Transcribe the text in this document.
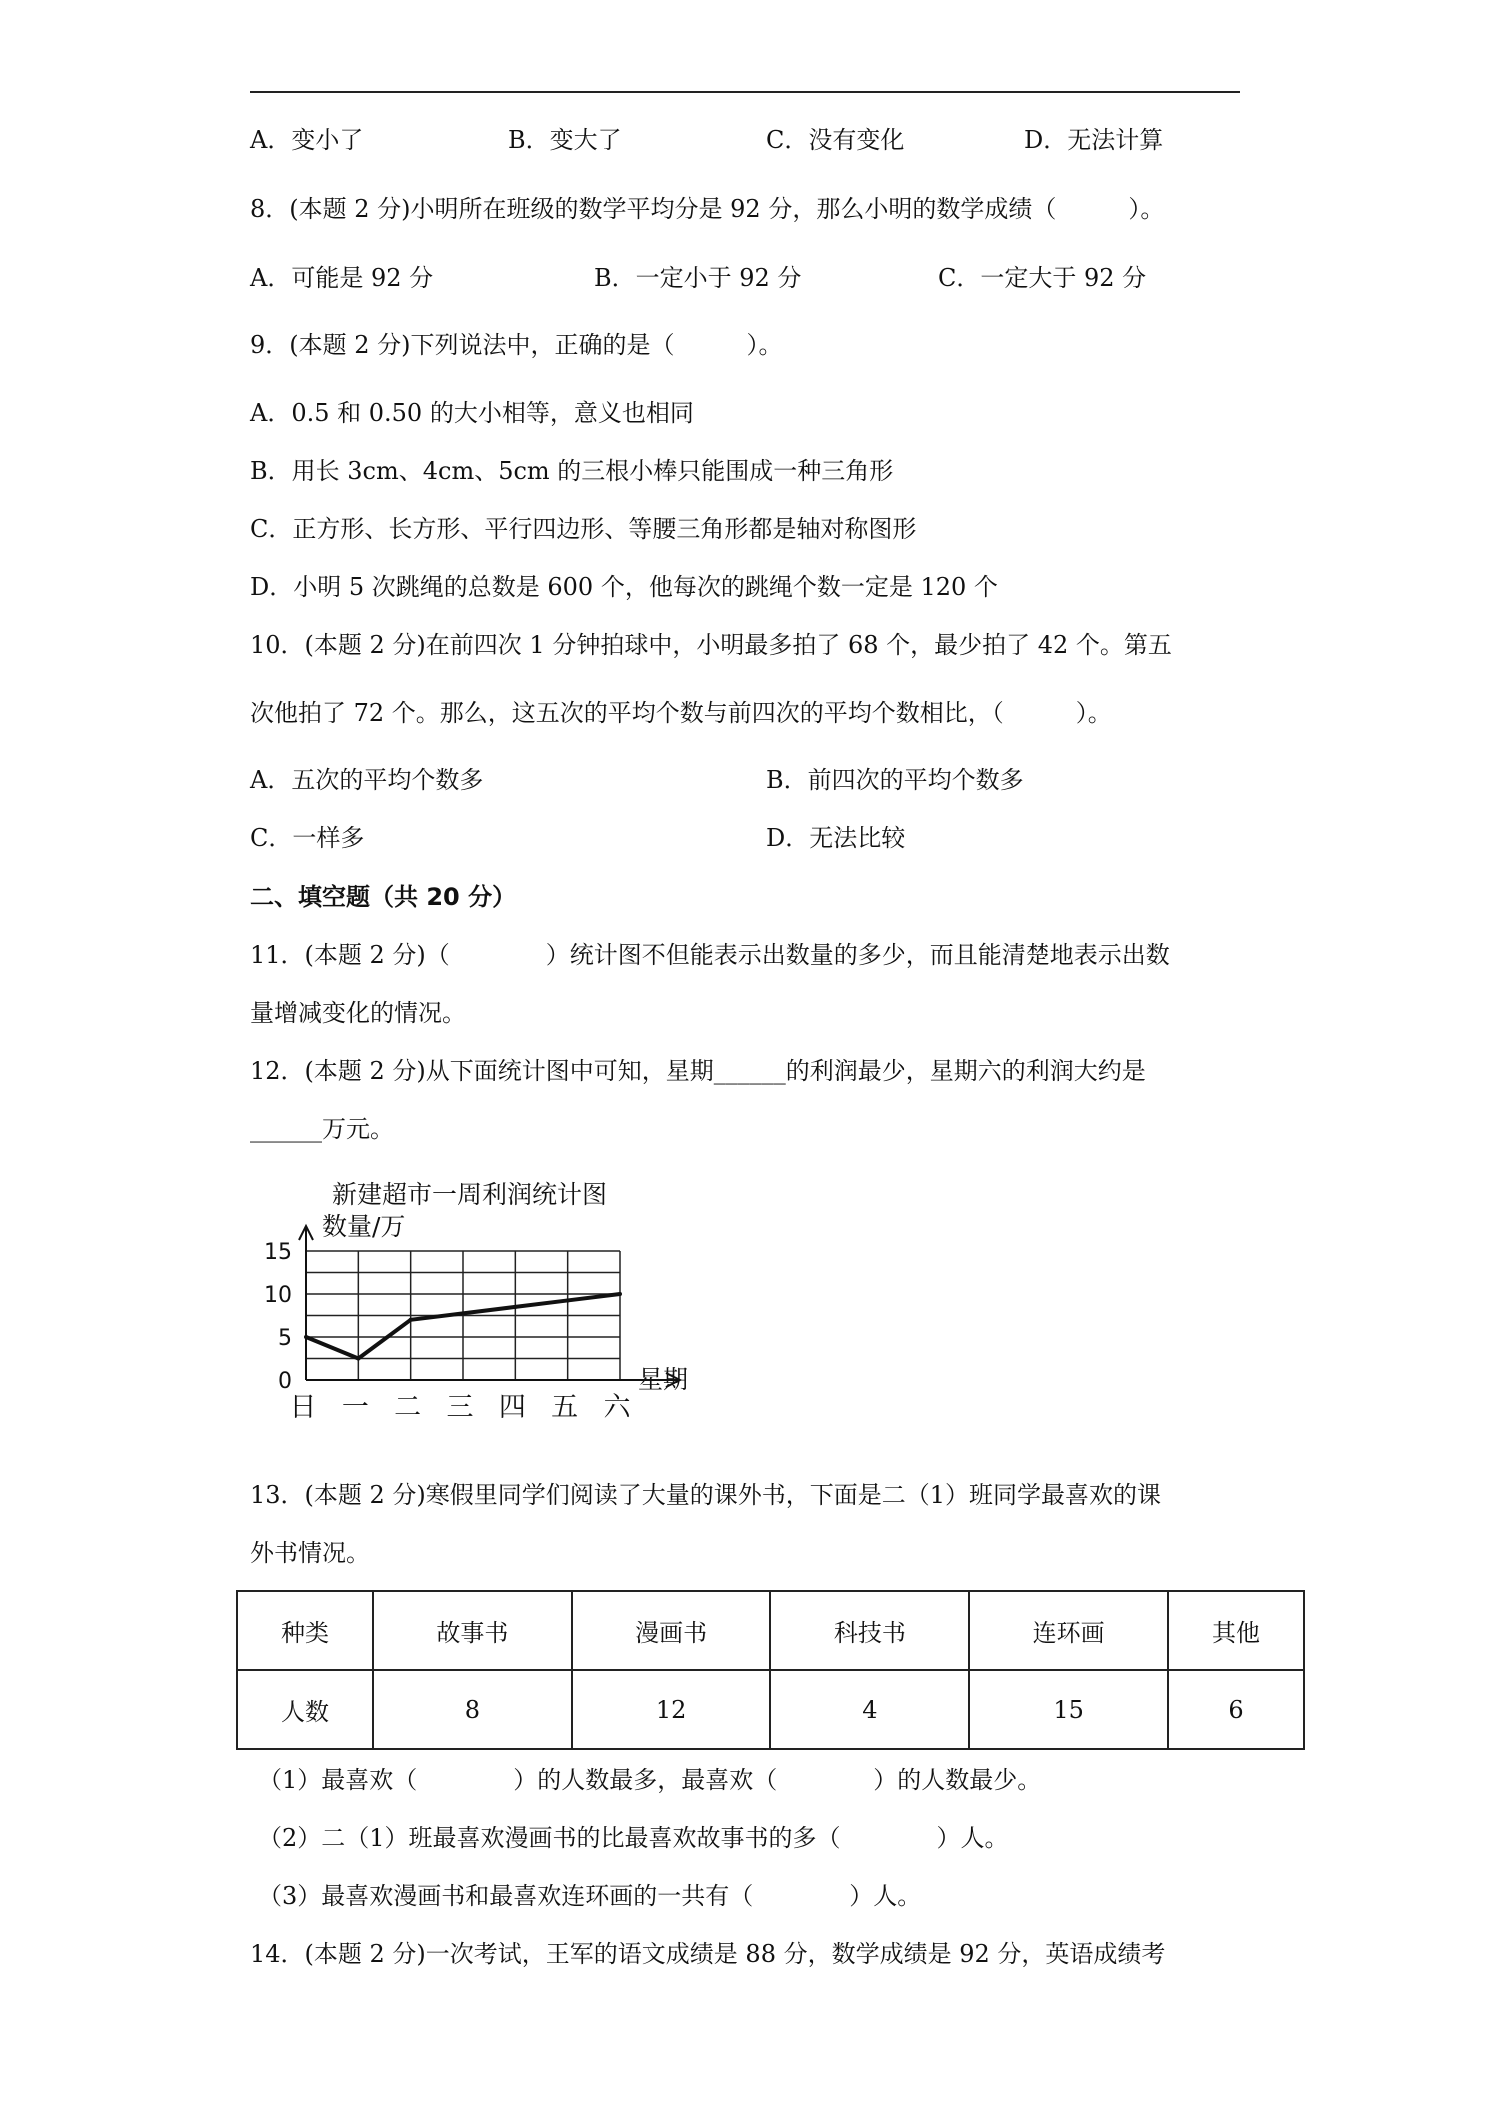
A．变小了	B．变大了	C．没有变化	D．无法计算
8．(本题 2 分)小明所在班级的数学平均分是 92 分，那么小明的数学成绩（　　　）。
A．可能是 92 分	B．一定小于 92 分	C．一定大于 92 分
9．(本题 2 分)下列说法中，正确的是（　　　）。
A．0.5 和 0.50 的大小相等，意义也相同
B．用长 3cm、4cm、5cm 的三根小棒只能围成一种三角形
C．正方形、长方形、平行四边形、等腰三角形都是轴对称图形
D．小明 5 次跳绳的总数是 600 个，他每次的跳绳个数一定是 120 个
10．(本题 2 分)在前四次 1 分钟拍球中，小明最多拍了 68 个，最少拍了 42 个。第五
次他拍了 72 个。那么，这五次的平均个数与前四次的平均个数相比，（　　　）。
A．五次的平均个数多	B．前四次的平均个数多
C．一样多	D．无法比较
二、填空题（共 20 分）
11．(本题 2 分)（　　　　）统计图不但能表示出数量的多少，而且能清楚地表示出数
量增减变化的情况。
12．(本题 2 分)从下面统计图中可知，星期______的利润最少，星期六的利润大约是
______万元。
新建超市一周利润统计图
数量/万
星期
0
5
10
15
日 一 二 三 四 五 六
13．(本题 2 分)寒假里同学们阅读了大量的课外书，下面是二（1）班同学最喜欢的课
外书情况。
种类	故事书	漫画书	科技书	连环画	其他
人数	8	12	4	15	6
（1）最喜欢（　　　　）的人数最多，最喜欢（　　　　）的人数最少。
（2）二（1）班最喜欢漫画书的比最喜欢故事书的多（　　　　）人。
（3）最喜欢漫画书和最喜欢连环画的一共有（　　　　）人。
14．(本题 2 分)一次考试，王军的语文成绩是 88 分，数学成绩是 92 分，英语成绩考
